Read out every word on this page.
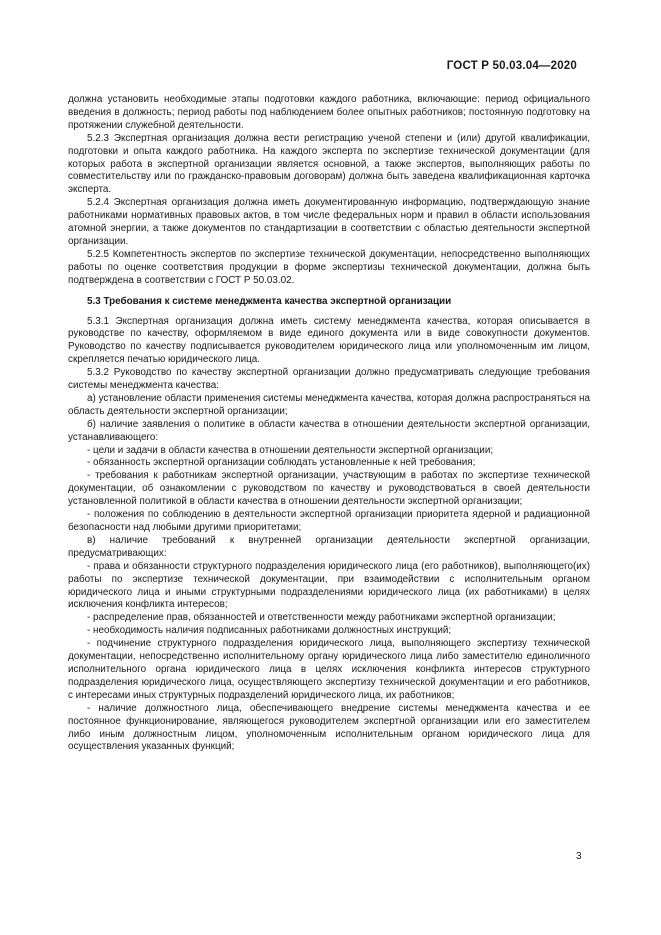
ГОСТ Р 50.03.04—2020

должна установить необходимые этапы подготовки каждого работника, включающие: период официального введения в должность; период работы под наблюдением более опытных работников; постоянную подготовку на протяжении служебной деятельности.

5.2.3 Экспертная организация должна вести регистрацию ученой степени и (или) другой квалификации, подготовки и опыта каждого работника. На каждого эксперта по экспертизе технической документации (для которых работа в экспертной организации является основной, а также экспертов, выполняющих работы по совместительству или по гражданско-правовым договорам) должна быть заведена квалификационная карточка эксперта.

5.2.4 Экспертная организация должна иметь документированную информацию, подтверждающую знание работниками нормативных правовых актов, в том числе федеральных норм и правил в области использования атомной энергии, а также документов по стандартизации в соответствии с областью деятельности экспертной организации.

5.2.5 Компетентность экспертов по экспертизе технической документации, непосредственно выполняющих работы по оценке соответствия продукции в форме экспертизы технической документации, должна быть подтверждена в соответствии с ГОСТ Р 50.03.02.

5.3 Требования к системе менеджмента качества экспертной организации

5.3.1 Экспертная организация должна иметь систему менеджмента качества, которая описывается в руководстве по качеству, оформляемом в виде единого документа или в виде совокупности документов. Руководство по качеству подписывается руководителем юридического лица или уполномоченным им лицом, скрепляется печатью юридического лица.

5.3.2 Руководство по качеству экспертной организации должно предусматривать следующие требования системы менеджмента качества:

а) установление области применения системы менеджмента качества, которая должна распространяться на область деятельности экспертной организации;

б) наличие заявления о политике в области качества в отношении деятельности экспертной организации, устанавливающего:

- цели и задачи в области качества в отношении деятельности экспертной организации;

- обязанность экспертной организации соблюдать установленные к ней требования;

- требования к работникам экспертной организации, участвующим в работах по экспертизе технической документации, об ознакомлении с руководством по качеству и руководствоваться в своей деятельности установленной политикой в области качества в отношении деятельности экспертной организации;

- положения по соблюдению в деятельности экспертной организации приоритета ядерной и радиационной безопасности над любыми другими приоритетами;

в) наличие требований к внутренней организации деятельности экспертной организации, предусматривающих:

- права и обязанности структурного подразделения юридического лица (его работников), выполняющего(их) работы по экспертизе технической документации, при взаимодействии с исполнительным органом юридического лица и иными структурными подразделениями юридического лица (их работниками) в целях исключения конфликта интересов;

- распределение прав, обязанностей и ответственности между работниками экспертной организации;

- необходимость наличия подписанных работниками должностных инструкций;

- подчинение структурного подразделения юридического лица, выполняющего экспертизу технической документации, непосредственно исполнительному органу юридического лица либо заместителю единоличного исполнительного органа юридического лица в целях исключения конфликта интересов структурного подразделения юридического лица, осуществляющего экспертизу технической документации и его работников, с интересами иных структурных подразделений юридического лица, их работников;

- наличие должностного лица, обеспечивающего внедрение системы менеджмента качества и ее постоянное функционирование, являющегося руководителем экспертной организации или его заместителем либо иным должностным лицом, уполномоченным исполнительным органом юридического лица для осуществления указанных функций;

3
